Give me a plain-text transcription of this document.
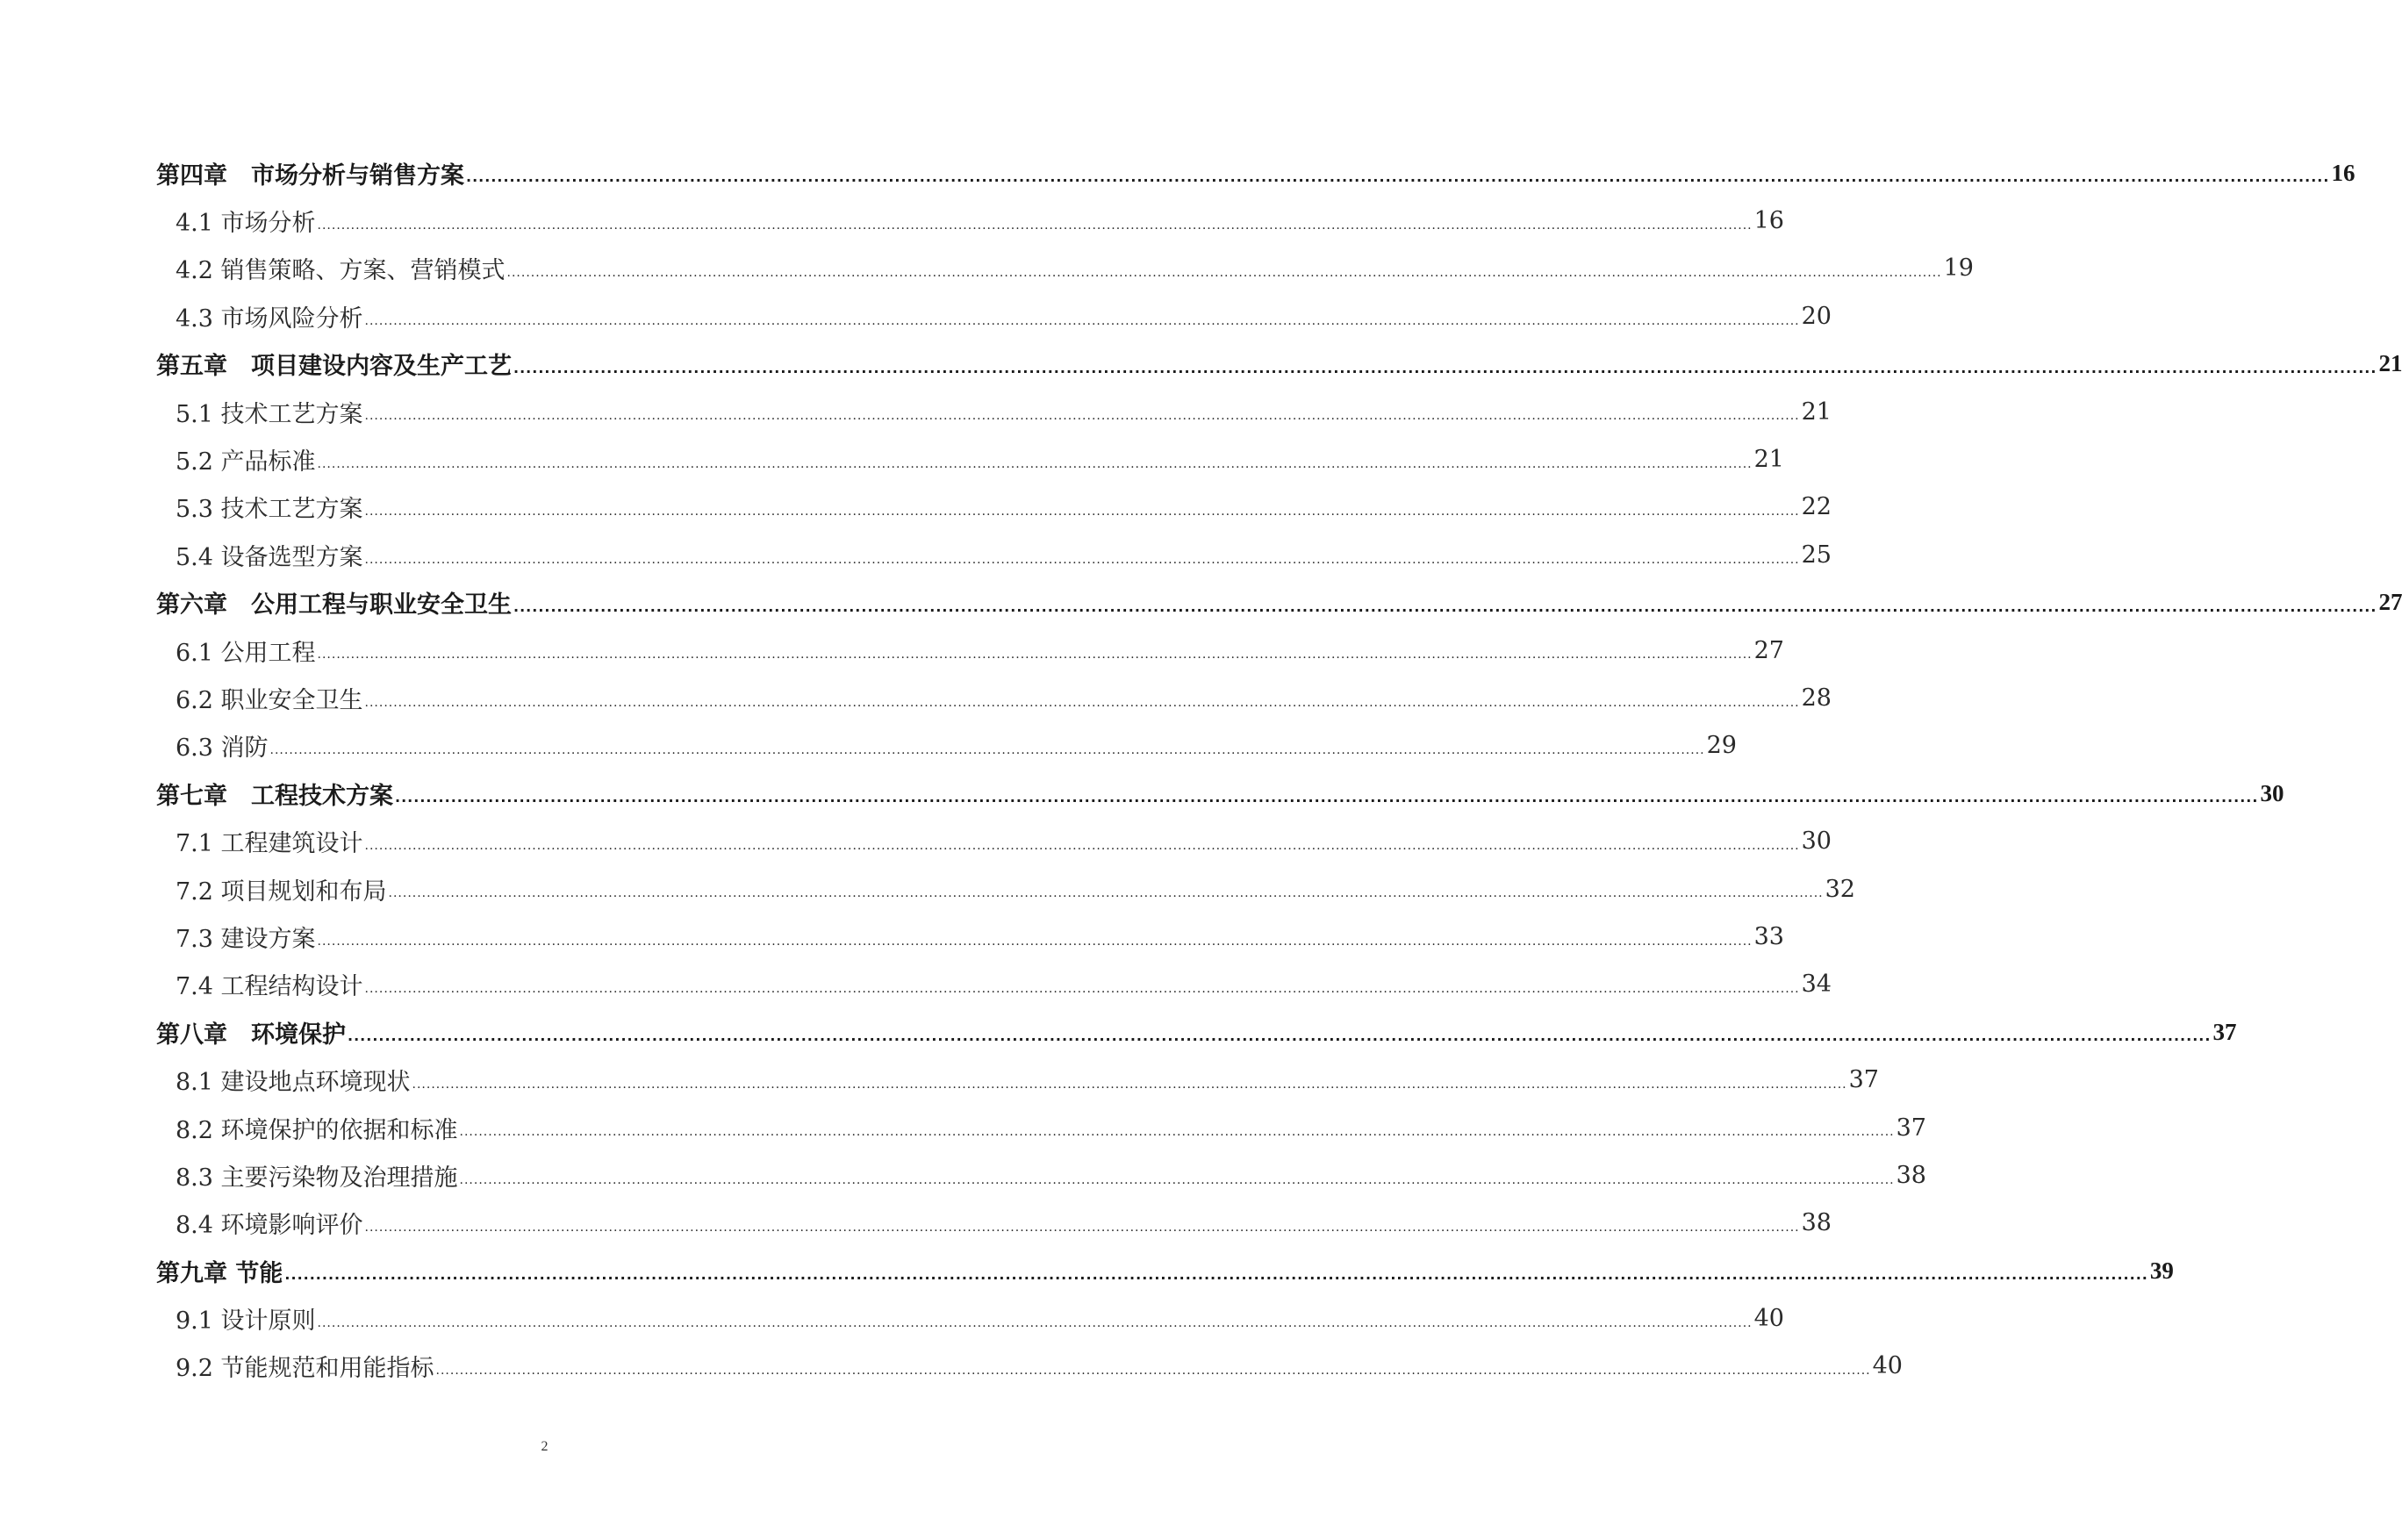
第四章　市场分析与销售方案 ............................................................................................................................................................................................................................................................................................................ 16
4.1 市场分析 ............................................................................................................................................................................................................................................................................................................ 16
4.2 销售策略、方案、营销模式 ............................................................................................................................................................................................................................................................................................................ 19
4.3 市场风险分析 ............................................................................................................................................................................................................................................................................................................ 20
第五章　项目建设内容及生产工艺 ............................................................................................................................................................................................................................................................................................................ 21
5.1 技术工艺方案 ............................................................................................................................................................................................................................................................................................................ 21
5.2 产品标准 ............................................................................................................................................................................................................................................................................................................ 21
5.3 技术工艺方案 ............................................................................................................................................................................................................................................................................................................ 22
5.4 设备选型方案 ............................................................................................................................................................................................................................................................................................................ 25
第六章　公用工程与职业安全卫生 ............................................................................................................................................................................................................................................................................................................ 27
6.1 公用工程 ............................................................................................................................................................................................................................................................................................................ 27
6.2 职业安全卫生 ............................................................................................................................................................................................................................................................................................................ 28
6.3 消防 ............................................................................................................................................................................................................................................................................................................ 29
第七章　工程技术方案 ............................................................................................................................................................................................................................................................................................................ 30
7.1 工程建筑设计 ............................................................................................................................................................................................................................................................................................................ 30
7.2 项目规划和布局 ............................................................................................................................................................................................................................................................................................................ 32
7.3 建设方案 ............................................................................................................................................................................................................................................................................................................ 33
7.4 工程结构设计 ............................................................................................................................................................................................................................................................................................................ 34
第八章　环境保护 ............................................................................................................................................................................................................................................................................................................ 37
8.1 建设地点环境现状 ............................................................................................................................................................................................................................................................................................................ 37
8.2 环境保护的依据和标准 ............................................................................................................................................................................................................................................................................................................ 37
8.3 主要污染物及治理措施 ............................................................................................................................................................................................................................................................................................................ 38
8.4 环境影响评价 ............................................................................................................................................................................................................................................................................................................ 38
第九章 节能 ............................................................................................................................................................................................................................................................................................................ 39
9.1 设计原则 ............................................................................................................................................................................................................................................................................................................ 40
9.2 节能规范和用能指标 ............................................................................................................................................................................................................................................................................................................ 40
2
